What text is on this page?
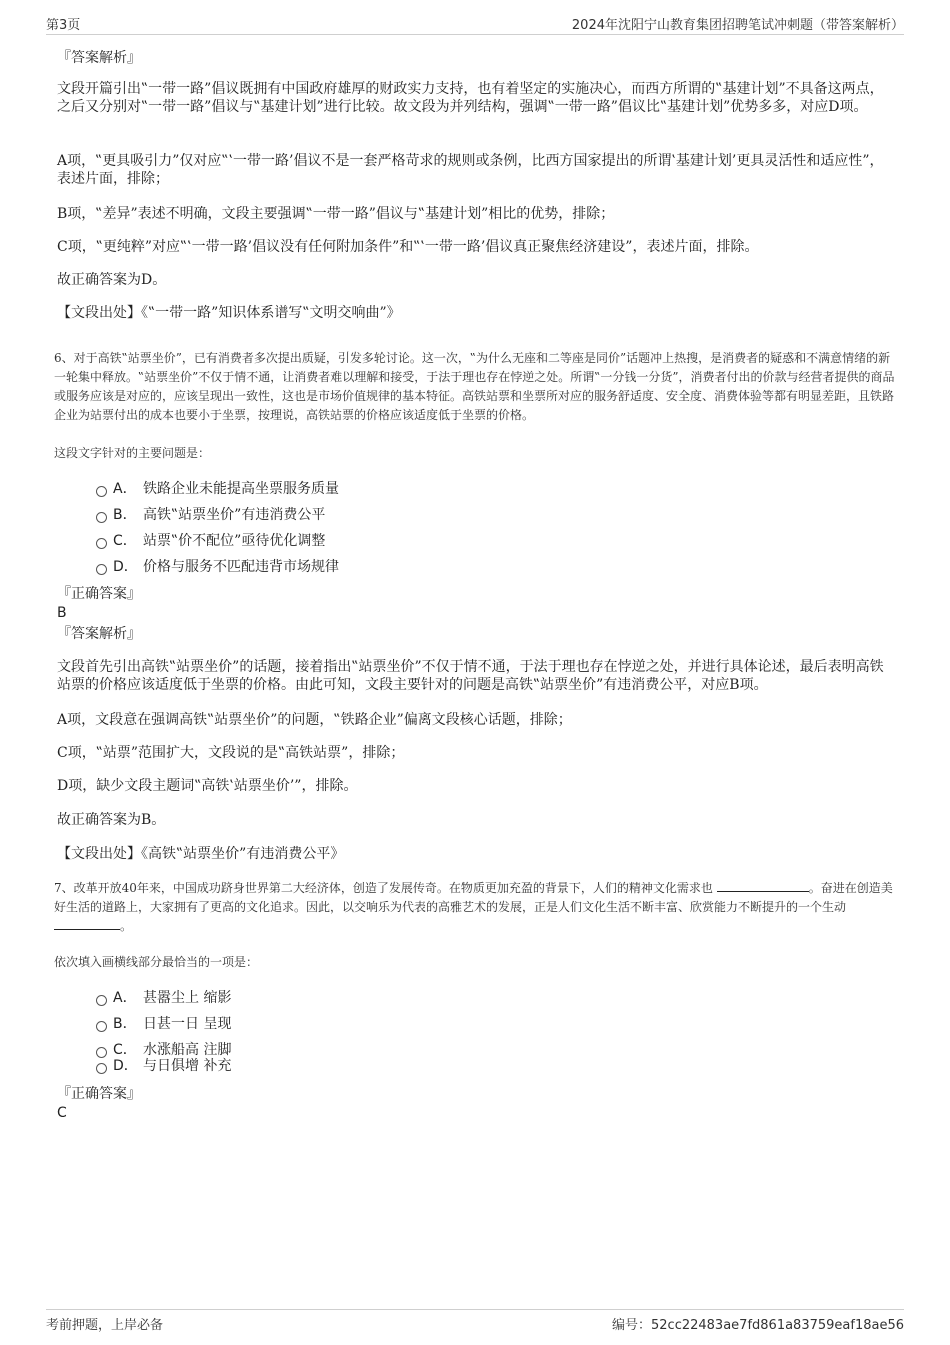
第3页	2024年沈阳宁山教育集团招聘笔试冲刺题（带答案解析）
『答案解析』
文段开篇引出‟一带一路”倡议既拥有中国政府雄厚的财政实力支持，也有着坚定的实施决心，而西方所谓的‟基建计划”不具备这两点，之后又分别对‟一带一路”倡议与‟基建计划”进行比较。故文段为并列结构，强调‟一带一路”倡议比‟基建计划”优势多多，对应D项。
A项，‟更具吸引力”仅对应‟‛一带一路’倡议不是一套严格苛求的规则或条例，比西方国家提出的所谓‛基建计划’更具灵活性和适应性”，表述片面，排除；
B项，‟差异”表述不明确，文段主要强调‟一带一路”倡议与‟基建计划”相比的优势，排除；
C项，‟更纯粹”对应‟‛一带一路’倡议没有任何附加条件”和‟‛一带一路’倡议真正聚焦经济建设”，表述片面，排除。
故正确答案为D。
【文段出处】《‟一带一路”知识体系谱写‟文明交响曲”》
6、对于高铁‟站票坐价”，已有消费者多次提出质疑，引发多轮讨论。这一次，‟为什么无座和二等座是同价”话题冲上热搜，是消费者的疑惑和不满意情绪的新一轮集中释放。‟站票坐价”不仅于情不通，让消费者难以理解和接受，于法于理也存在悖逆之处。所谓‟一分钱一分货”，消费者付出的价款与经营者提供的商品或服务应该是对应的，应该呈现出一致性，这也是市场价值规律的基本特征。高铁站票和坐票所对应的服务舒适度、安全度、消费体验等都有明显差距，且铁路企业为站票付出的成本也要小于坐票，按理说，高铁站票的价格应该适度低于坐票的价格。
这段文字针对的主要问题是：
A． 铁路企业未能提高坐票服务质量
B． 高铁‟站票坐价”有违消费公平
C． 站票‟价不配位”亟待优化调整
D． 价格与服务不匹配违背市场规律
『正确答案』
B
『答案解析』
文段首先引出高铁‟站票坐价”的话题，接着指出‟站票坐价”不仅于情不通，于法于理也存在悖逆之处，并进行具体论述，最后表明高铁站票的价格应该适度低于坐票的价格。由此可知，文段主要针对的问题是高铁‟站票坐价”有违消费公平，对应B项。
A项，文段意在强调高铁‟站票坐价”的问题，‟铁路企业”偏离文段核心话题，排除；
C项，‟站票”范围扩大，文段说的是‟高铁站票”，排除；
D项，缺少文段主题词‟高铁‛站票坐价’”，排除。
故正确答案为B。
【文段出处】《高铁‟站票坐价”有违消费公平》
7、改革开放40年来，中国成功跻身世界第二大经济体，创造了发展传奇。在物质更加充盈的背景下，人们的精神文化需求也	。奋进在创造美好生活的道路上，大家拥有了更高的文化追求。因此，以交响乐为代表的高雅艺术的发展，正是人们文化生活不断丰富、欣赏能力不断提升的一个生动 。
依次填入画横线部分最恰当的一项是：
A． 甚嚣尘上 缩影
B． 日甚一日 呈现
C． 水涨船高 注脚
D． 与日俱增 补充
『正确答案』
C
考前押题，上岸必备	编号：52cc22483ae7fd861a83759eaf18ae56
